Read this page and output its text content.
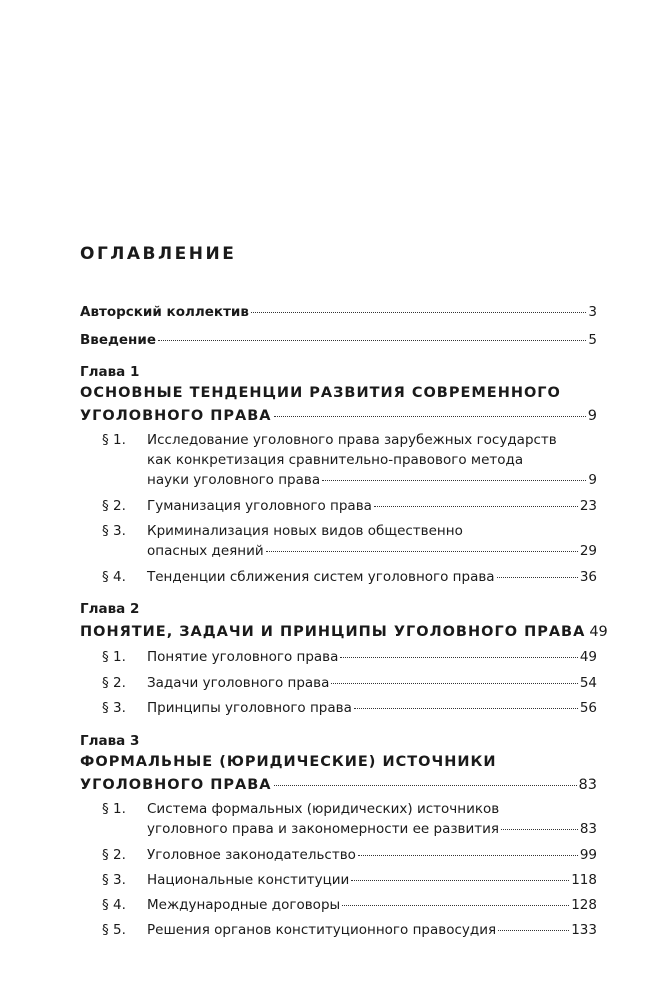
ОГЛАВЛЕНИЕ
Авторский коллектив	3
Введение	5
Глава 1
ОСНОВНЫЕ ТЕНДЕНЦИИ РАЗВИТИЯ СОВРЕМЕННОГО
УГОЛОВНОГО ПРАВА	9
§ 1. Исследование уголовного права зарубежных государств
как конкретизация сравнительно-правового метода
науки уголовного права	9
§ 2. Гуманизация уголовного права	23
§ 3. Криминализация новых видов общественно
опасных деяний	29
§ 4. Тенденции сближения систем уголовного права	36
Глава 2
ПОНЯТИЕ, ЗАДАЧИ И ПРИНЦИПЫ УГОЛОВНОГО ПРАВА 49
§ 1. Понятие уголовного права	49
§ 2. Задачи уголовного права	54
§ 3. Принципы уголовного права	56
Глава 3
ФОРМАЛЬНЫЕ (ЮРИДИЧЕСКИЕ) ИСТОЧНИКИ
УГОЛОВНОГО ПРАВА	83
§ 1. Система формальных (юридических) источников
уголовного права и закономерности ее развития	83
§ 2. Уголовное законодательство	99
§ 3. Национальные конституции	118
§ 4. Международные договоры	128
§ 5. Решения органов конституционного правосудия	133
